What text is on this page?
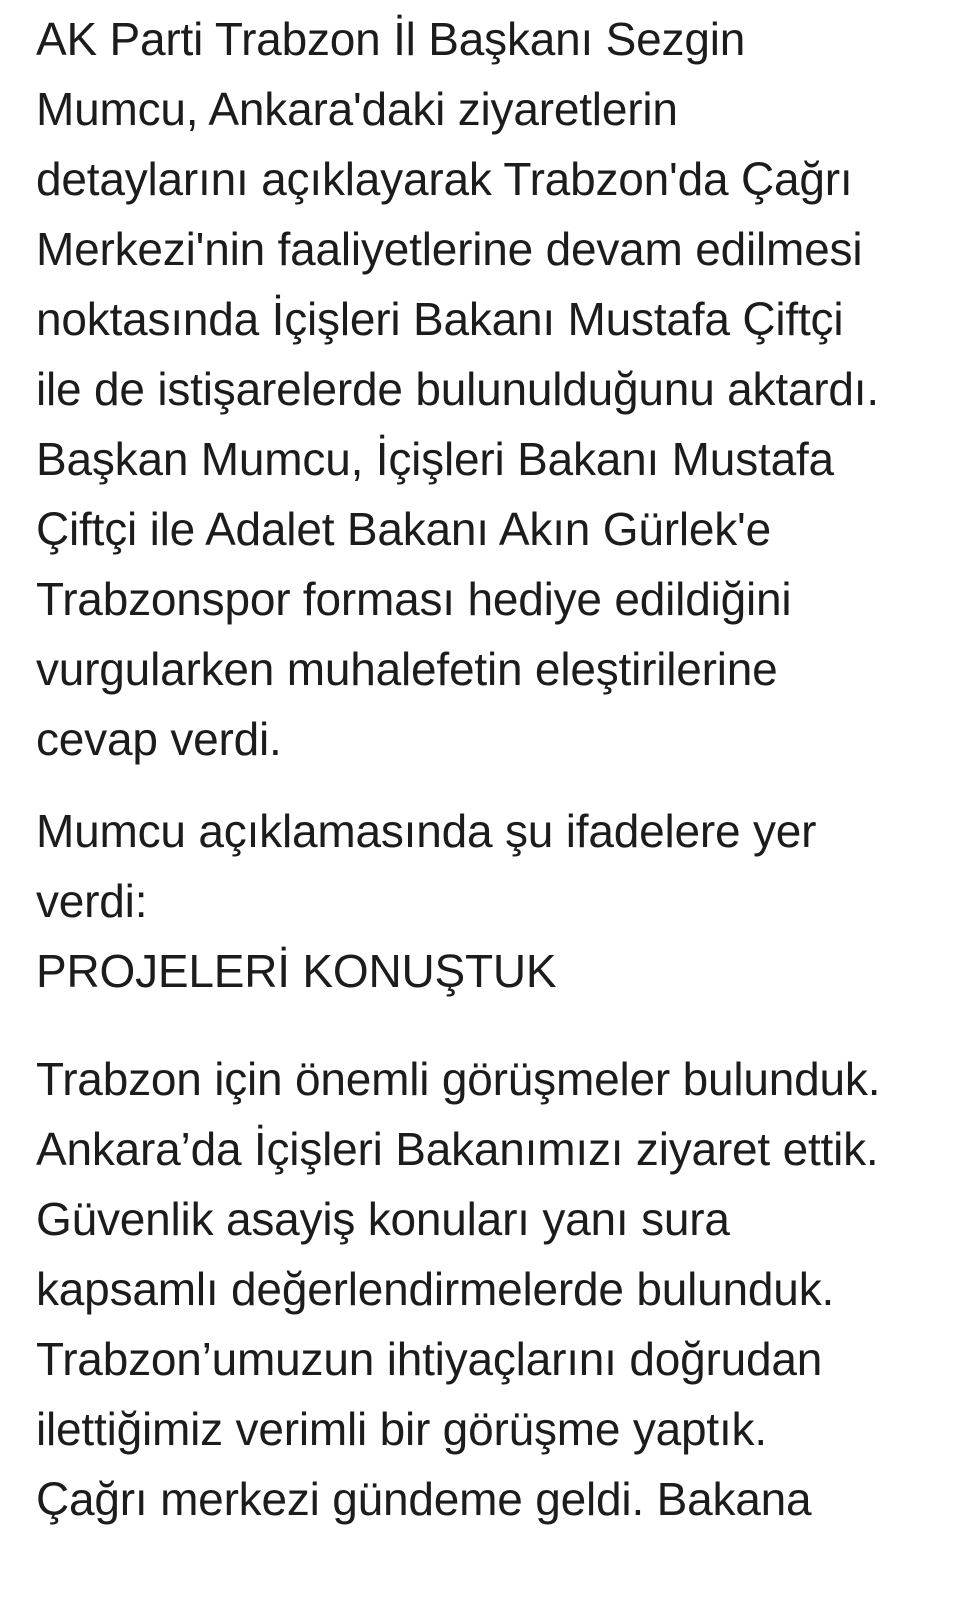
AK Parti Trabzon İl Başkanı Sezgin
Mumcu, Ankara'daki ziyaretlerin
detaylarını açıklayarak Trabzon'da Çağrı
Merkezi'nin faaliyetlerine devam edilmesi
noktasında İçişleri Bakanı Mustafa Çiftçi
ile de istişarelerde bulunulduğunu aktardı.
Başkan Mumcu, İçişleri Bakanı Mustafa
Çiftçi ile Adalet Bakanı Akın Gürlek'e
Trabzonspor forması hediye edildiğini
vurgularken muhalefetin eleştirilerine
cevap verdi.

Mumcu açıklamasında şu ifadelere yer
verdi:

PROJELERİ KONUŞTUK

Trabzon için önemli görüşmeler bulunduk.
Ankara’da İçişleri Bakanımızı ziyaret ettik.
Güvenlik asayiş konuları yanı sura
kapsamlı değerlendirmelerde bulunduk.
Trabzon’umuzun ihtiyaçlarını doğrudan
ilettiğimiz verimli bir görüşme yaptık.
Çağrı merkezi gündeme geldi. Bakana
